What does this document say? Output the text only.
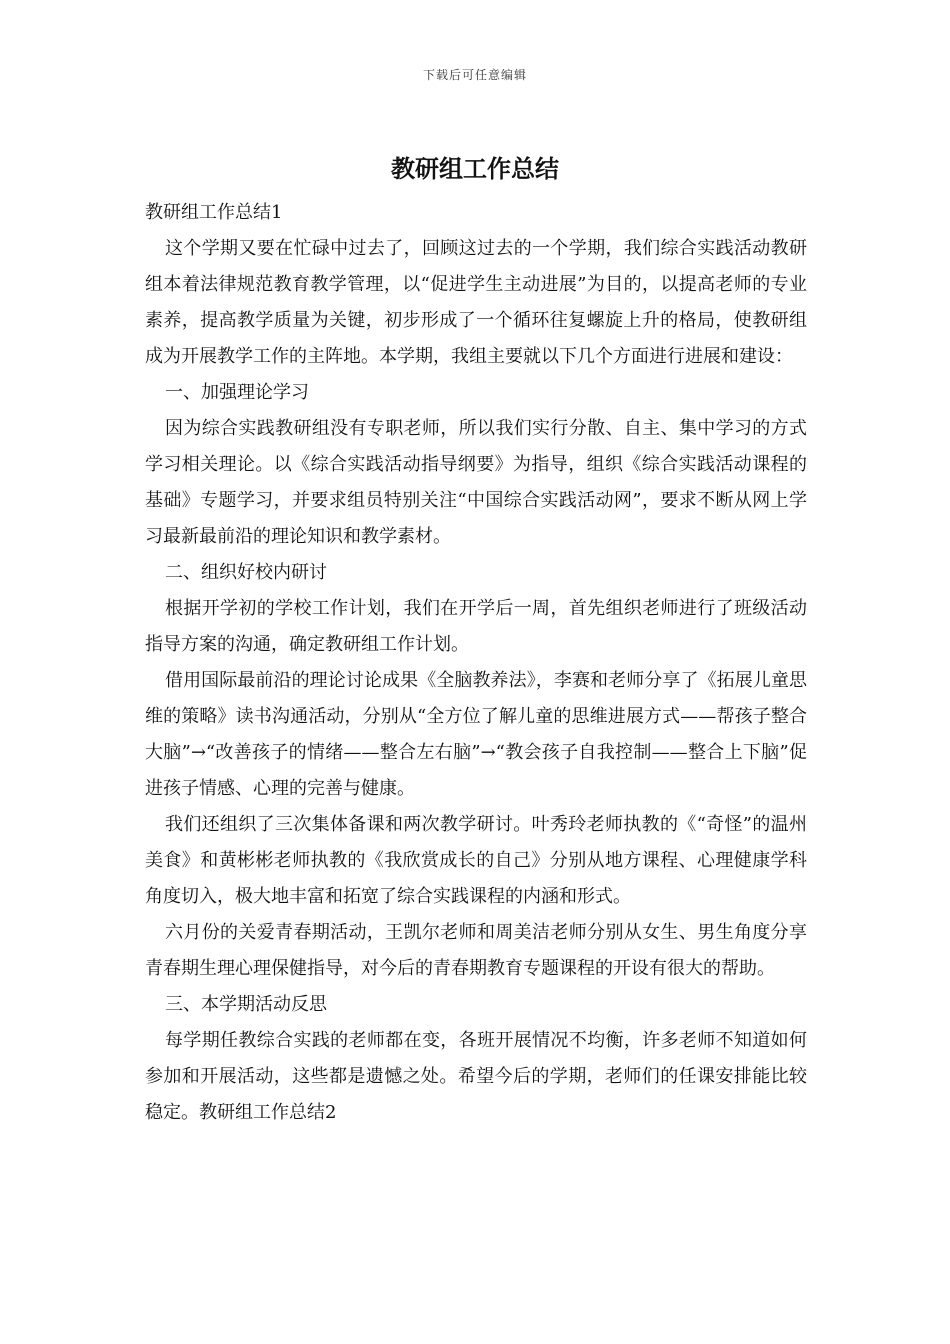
下载后可任意编辑
教研组工作总结

教研组工作总结1

这个学期又要在忙碌中过去了，回顾这过去的一个学期，我们综合实践活动教研组本着法律规范教育教学管理，以“促进学生主动进展”为目的，以提高老师的专业素养，提高教学质量为关键，初步形成了一个循环往复螺旋上升的格局，使教研组成为开展教学工作的主阵地。本学期，我组主要就以下几个方面进行进展和建设：

一、加强理论学习

因为综合实践教研组没有专职老师，所以我们实行分散、自主、集中学习的方式学习相关理论。以《综合实践活动指导纲要》为指导，组织《综合实践活动课程的基础》专题学习，并要求组员特别关注“中国综合实践活动网”，要求不断从网上学习最新最前沿的理论知识和教学素材。

二、组织好校内研讨

根据开学初的学校工作计划，我们在开学后一周，首先组织老师进行了班级活动指导方案的沟通，确定教研组工作计划。

借用国际最前沿的理论讨论成果《全脑教养法》，李赛和老师分享了《拓展儿童思维的策略》读书沟通活动，分别从“全方位了解儿童的思维进展方式——帮孩子整合大脑”→“改善孩子的情绪——整合左右脑”→“教会孩子自我控制——整合上下脑”促进孩子情感、心理的完善与健康。

我们还组织了三次集体备课和两次教学研讨。叶秀玲老师执教的《“奇怪”的温州美食》和黄彬彬老师执教的《我欣赏成长的自己》分别从地方课程、心理健康学科角度切入，极大地丰富和拓宽了综合实践课程的内涵和形式。

六月份的关爱青春期活动，王凯尔老师和周美洁老师分别从女生、男生角度分享青春期生理心理保健指导，对今后的青春期教育专题课程的开设有很大的帮助。

三、本学期活动反思

每学期任教综合实践的老师都在变，各班开展情况不均衡，许多老师不知道如何参加和开展活动，这些都是遗憾之处。希望今后的学期，老师们的任课安排能比较稳定。教研组工作总结2
